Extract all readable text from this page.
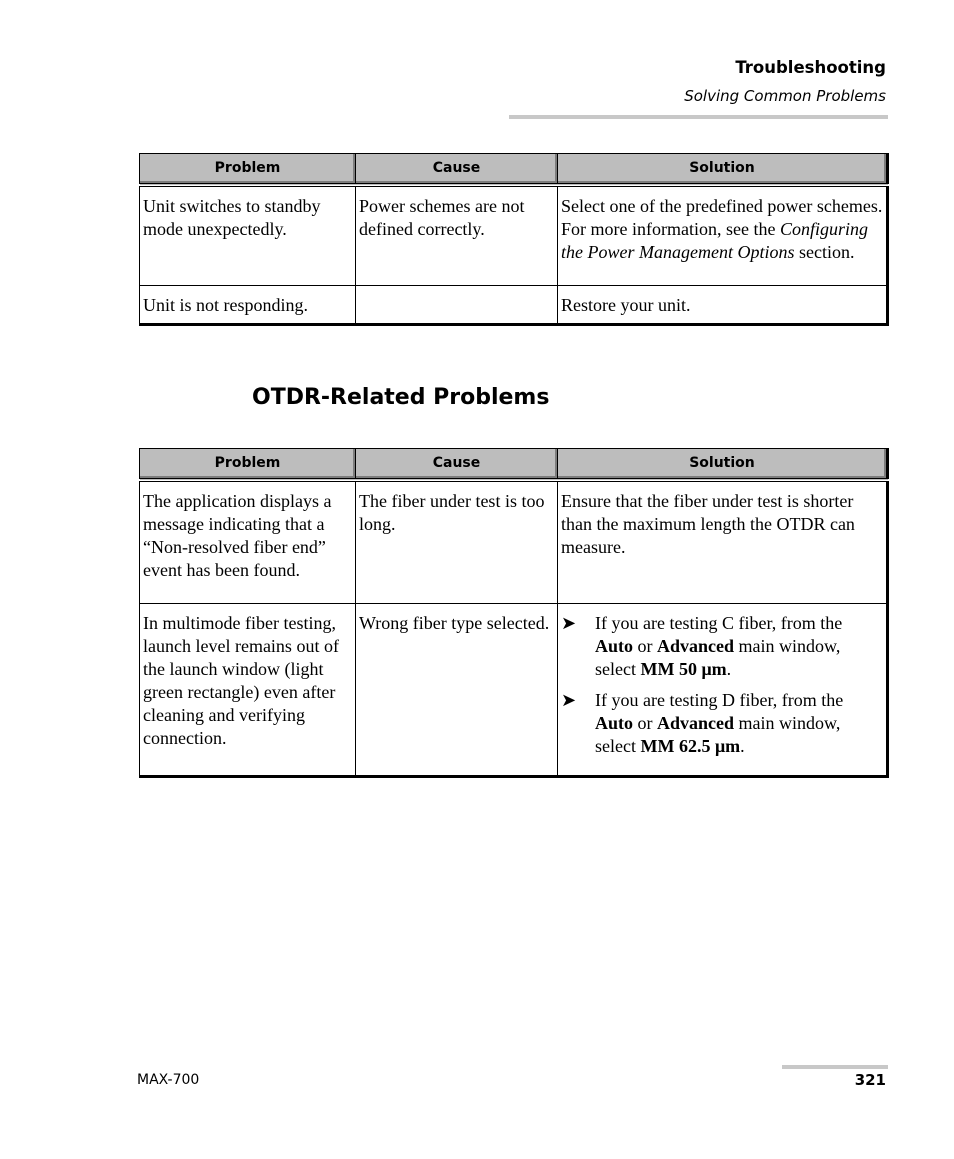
Troubleshooting
Solving Common Problems
Problem	Cause	Solution
Unit switches to standby mode unexpectedly.	Power schemes are not defined correctly.	Select one of the predefined power schemes. For more information, see the Configuring the Power Management Options section.
Unit is not responding.		Restore your unit.
OTDR-Related Problems
Problem	Cause	Solution
The application displays a message indicating that a “Non-resolved fiber end” event has been found.	The fiber under test is too long.	Ensure that the fiber under test is shorter than the maximum length the OTDR can measure.
In multimode fiber testing, launch level remains out of the launch window (light green rectangle) even after cleaning and verifying connection.	Wrong fiber type selected.	➤ If you are testing C fiber, from the Auto or Advanced main window, select MM 50 μm.
➤ If you are testing D fiber, from the Auto or Advanced main window, select MM 62.5 μm.
MAX-700	321
